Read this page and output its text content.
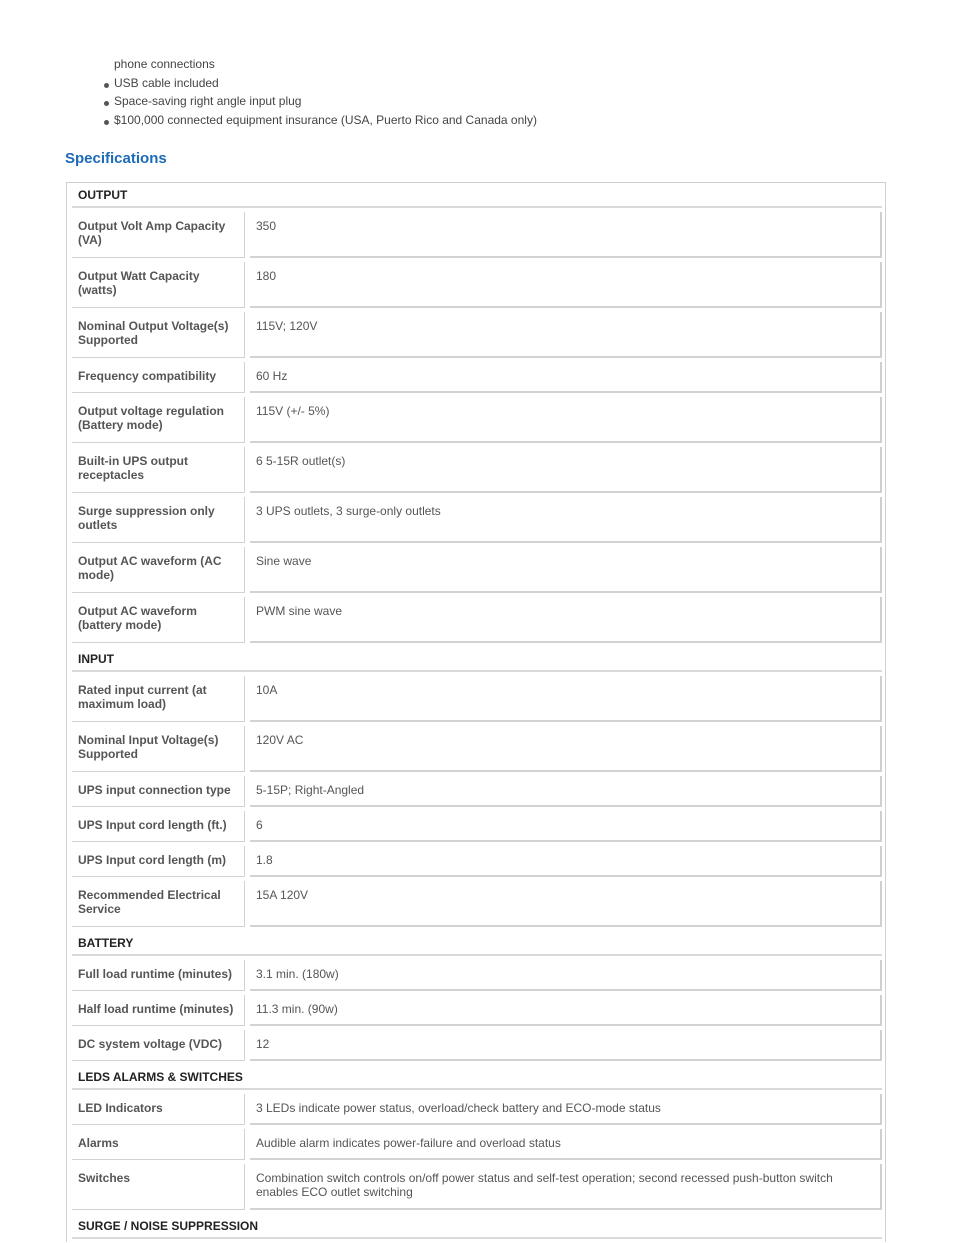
phone connections
USB cable included
Space-saving right angle input plug
$100,000 connected equipment insurance (USA, Puerto Rico and Canada only)
Specifications
OUTPUT		

Output Volt Amp Capacity (VA)		350

Output Watt Capacity (watts)		180

Nominal Output Voltage(s) Supported		115V; 120V

Frequency compatibility		60 Hz

Output voltage regulation (Battery mode)		115V (+/- 5%)

Built-in UPS output receptacles		6 5-15R outlet(s)

Surge suppression only outlets		3 UPS outlets, 3 surge-only outlets

Output AC waveform (AC mode)		Sine wave

Output AC waveform (battery mode)		PWM sine wave

INPUT		

Rated input current (at maximum load)		10A

Nominal Input Voltage(s) Supported		120V AC

UPS input connection type		5-15P; Right-Angled

UPS Input cord length (ft.)		6

UPS Input cord length (m)		1.8

Recommended Electrical Service		15A 120V

BATTERY		

Full load runtime (minutes)		3.1 min. (180w)

Half load runtime (minutes)		11.3 min. (90w)

DC system voltage (VDC)		12

LEDS ALARMS & SWITCHES		

LED Indicators		3 LEDs indicate power status, overload/check battery and ECO-mode status

Alarms		Audible alarm indicates power-failure and overload status

Switches		Combination switch controls on/off power status and self-test operation; second recessed push-button switch enables ECO outlet switching

SURGE / NOISE SUPPRESSION		
